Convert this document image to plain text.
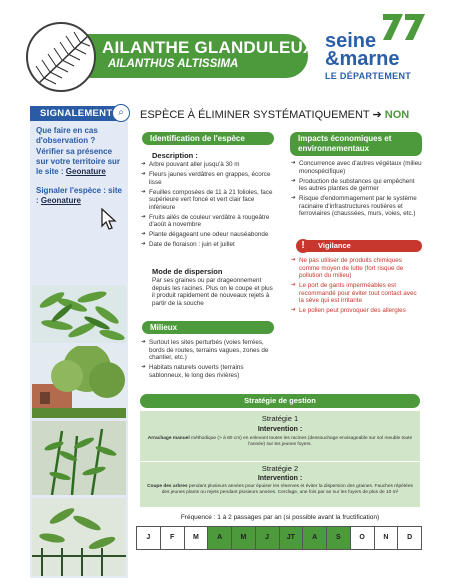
AILANTHE GLANDULEUX
AILANTHUS ALTISSIMA
seine
&marne
LE DÉPARTEMENT
SIGNALEMENT ⌕
Que faire en cas d'observation ?
Vérifier sa présence sur votre territoire sur le site : Geonature
Signaler l'espèce : site : Geonature
ESPÈCE À ÉLIMINER SYSTÉMATIQUEMENT ➔ NON
Identification de l'espèce
Description :
➔ Arbre pouvant aller jusqu'à 30 m
➔ Fleurs jaunes verdâtres en grappes, écorce lisse
➔ Feuilles composées de 11 à 21 folioles, face supérieure vert foncé et vert clair face inférieure
➔ Fruits ailés de couleur verdâtre à rougeâtre d'août à novembre
➔ Plante dégageant une odeur nauséabonde
➔ Date de floraison : juin et juillet
Mode de dispersion
Par ses graines ou par drageonnement depuis les racines. Plus on le coupe et plus il produit rapidement de nouveaux rejets à partir de la souche
Milieux
➔ Surtout les sites perturbés (voies ferrées, bords de routes, terrains vagues, zones de chantier, etc.)
➔ Habitats naturels ouverts (terrains sablonneux, le long des rivières)
Impacts économiques et environnementaux
➔ Concurrence avec d'autres végétaux (milieu monospécifique)
➔ Production de substances qui empêchent les autres plantes de germer
➔ Risque d'endommagement par le système racinaire d'infrastructures routières et ferroviaires (chaussées, murs, voies, etc.)
!	Vigilance
➔ Ne pas utiliser de produits chimiques comme moyen de lutte (fort risque de pollution du milieu)
➔ Le port de gants imperméables est recommandé pour éviter tout contact avec la sève qui est irritante
➔ Le pollen peut provoquer des allergies
Stratégie de gestion
Stratégie 1
Intervention :
Arrachage manuel méthodique (> à 60 cm) en enlevant toutes les racines (dessouchage envisageable sur sol meuble toute l'année) sur les jeunes foyers.
Stratégie 2
Intervention :
Coupe des arbres pendant plusieurs années pour épuiser les réserves et éviter la dispersion des graines. Fauches répétées des jeunes plants ou rejets pendant plusieurs années. Cerclage, une fois par an sur les foyers de plus de 10 m²
Fréquence : 1 à 2 passages par an (si possible avant la fructification)
J	F	M	A	M	J	JT	A	S	O	N	D
